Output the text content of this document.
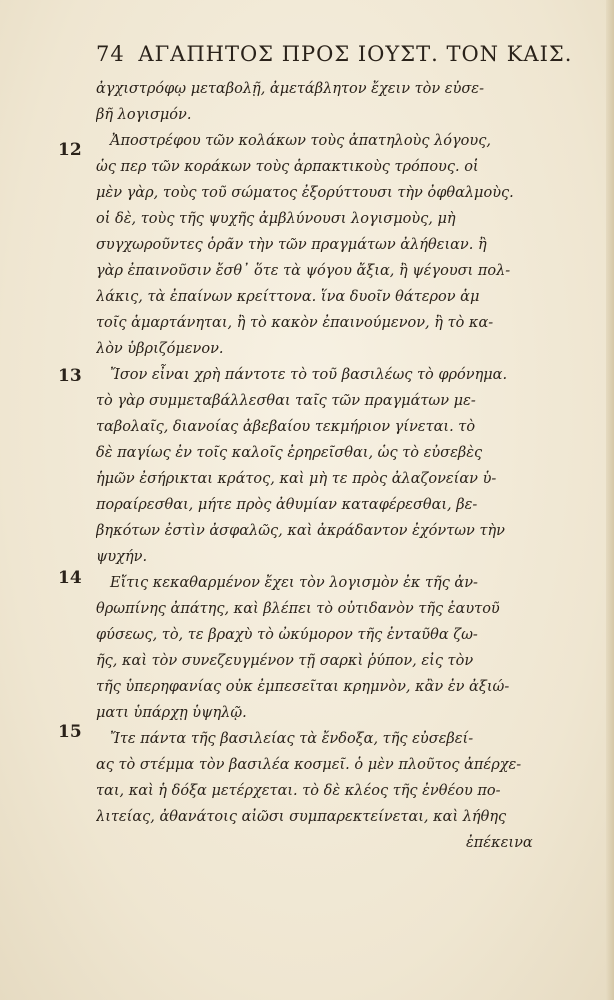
74 ΑΓΑΠΗΤΟΣ ΠΡΟΣ ΙΟΥΣΤ. ΤΟΝ ΚΑΙΣ.
12
13
14
15
ἀγχιστρόφῳ μεταβολῇ, ἀμετάβλητον ἔχειν τὸν εὐσε-
βῆ λογισμόν.
Ἀποστρέφου τῶν κολάκων τοὺς ἀπατηλοὺς λόγους,
ὡς περ τῶν κοράκων τοὺς ἁρπακτικοὺς τρόπους. οἱ
μὲν γὰρ, τοὺς τοῦ σώματος ἐξορύττουσι τὴν ὀφθαλμοὺς.
οἱ δὲ, τοὺς τῆς ψυχῆς ἀμβλύνουσι λογισμοὺς, μὴ
συγχωροῦντες ὁρᾶν τὴν τῶν πραγμάτων ἀλήθειαν. ἢ
γὰρ ἐπαινοῦσιν ἔσθ᾽ ὅτε τὰ ψόγου ἄξια, ἢ ψέγουσι πολ-
λάκις, τὰ ἐπαίνων κρείττονα. ἵνα δυοῖν θάτερον ἁμ
τοῖς ἁμαρτάνηται, ἢ τὸ κακὸν ἐπαινούμενον, ἢ τὸ κα-
λὸν ὑβριζόμενον.
Ἴσον εἶναι χρὴ πάντοτε τὸ τοῦ βασιλέως τὸ φρόνημα.
τὸ γὰρ συμμεταβάλλεσθαι ταῖς τῶν πραγμάτων με-
ταβολαῖς, διανοίας ἀβεβαίου τεκμήριον γίνεται. τὸ
δὲ παγίως ἐν τοῖς καλοῖς ἐρηρεῖσθαι, ὡς τὸ εὐσεβὲς
ἡμῶν ἐσήρικται κράτος, καὶ μὴ τε πρὸς ἀλαζονείαν ὑ-
ποραίρεσθαι, μήτε πρὸς ἀθυμίαν καταφέρεσθαι, βε-
βηκότων ἐστὶν ἀσφαλῶς, καὶ ἀκράδαντον ἐχόντων τὴν
ψυχήν.
Εἴτις κεκαθαρμένον ἔχει τὸν λογισμὸν ἐκ τῆς ἀν-
θρωπίνης ἀπάτης, καὶ βλέπει τὸ οὐτιδανὸν τῆς ἑαυτοῦ
φύσεως, τὸ, τε βραχὺ τὸ ὠκύμορον τῆς ἐνταῦθα ζω-
ῆς, καὶ τὸν συνεζευγμένον τῇ σαρκὶ ῥύπον, εἰς τὸν
τῆς ὑπερηφανίας οὐκ ἐμπεσεῖται κρημνὸν, κἂν ἐν ἀξιώ-
ματι ὑπάρχῃ ὑψηλῷ.
Ἴτε πάντα τῆς βασιλείας τὰ ἔνδοξα, τῆς εὐσεβεί-
ας τὸ στέμμα τὸν βασιλέα κοσμεῖ. ὁ μὲν πλοῦτος ἀπέρχε-
ται, καὶ ἡ δόξα μετέρχεται. τὸ δὲ κλέος τῆς ἐνθέου πο-
λιτείας, ἀθανάτοις αἰῶσι συμπαρεκτείνεται, καὶ λήθης
ἐπέκεινα
